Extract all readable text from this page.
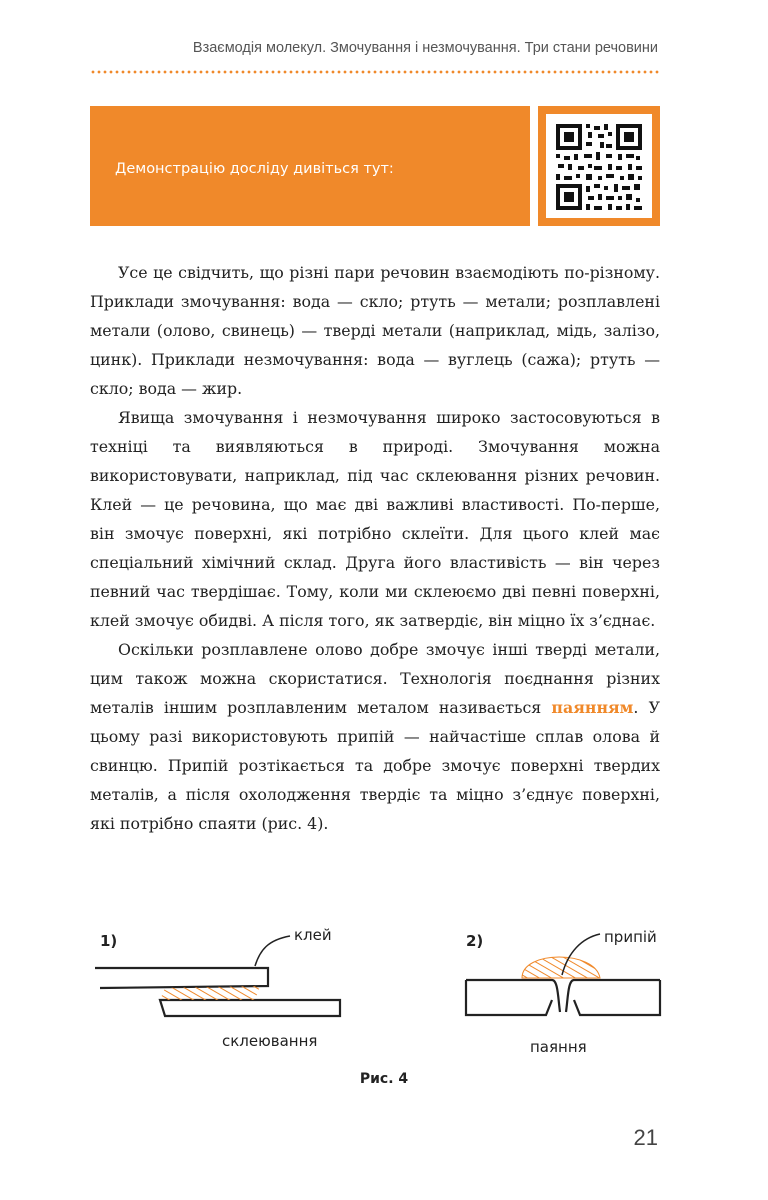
Взаємодія молекул. Змочування і незмочування. Три стани речовини
Демонстрацію досліду дивіться тут:

Усе це свідчить, що різні пари речовин взаємодіють по-різному. Приклади змочування: вода — скло; ртуть — метали; розплавлені метали (олово, свинець) — тверді метали (наприклад, мідь, залізо, цинк). Приклади незмочування: вода — вуглець (сажа); ртуть — скло; вода — жир.

Явища змочування і незмочування широко застосовуються в техніці та виявляються в природі. Змочування можна використовувати, наприклад, під час склеювання різних речовин. Клей — це речовина, що має дві важливі властивості. По-перше, він змочує поверхні, які потрібно склеїти. Для цього клей має спеціальний хімічний склад. Друга його властивість — він через певний час твердішає. Тому, коли ми склеюємо дві певні поверхні, клей змочує обидві. А після того, як затвердіє, він міцно їх з’єднає.

Оскільки розплавлене олово добре змочує інші тверді метали, цим також можна скористатися. Технологія поєднання різних металів іншим розплавленим металом називається паянням. У цьому разі використовують припій — найчастіше сплав олова й свинцю. Припій розтікається та добре змочує поверхні твердих металів, а після охолодження твердіє та міцно з’єднує поверхні, які потрібно спаяти (рис. 4).

1)	клей
склеювання
2)	припій
паяння
Рис. 4
21
